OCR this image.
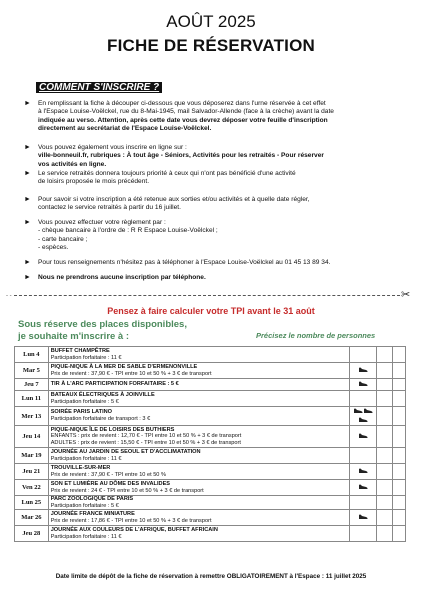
AOÛT 2025
FICHE DE RÉSERVATION
COMMENT S'INSCRIRE ?
► En remplissant la fiche à découper ci-dessous que vous déposerez dans l'urne réservée à cet effet
à l'Espace Louise-Voëlckel, rue du 8-Mai-1945, mail Salvador-Allende (face à la crèche) avant la date
indiquée au verso. Attention, après cette date vous devrez déposer votre feuille d'inscription
directement au secrétariat de l'Espace Louise-Voëlckel.
► Vous pouvez également vous inscrire en ligne sur :
ville-bonneuil.fr, rubriques : À tout âge - Séniors, Activités pour les retraités - Pour réserver
vos activités en ligne.
► Le service retraités donnera toujours priorité à ceux qui n'ont pas bénéficié d'une activité
de loisirs proposée le mois précédent.
► Pour savoir si votre inscription a été retenue aux sorties et/ou activités et à quelle date régler,
contactez le service retraités à partir du 16 juillet.
► Vous pouvez effectuer votre règlement par :
- chèque bancaire à l'ordre de : R R Espace Louise-Voëlckel ;
- carte bancaire ;
- espèces.
► Pour tous renseignements n'hésitez pas à téléphoner à l'Espace Louise-Voëlckel au 01 45 13 89 34.
► Nous ne prendrons aucune inscription par téléphone.
- -	✂
Pensez à faire calculer votre TPI avant le 31 août
Sous réserve des places disponibles,
je souhaite m'inscrire à :	Précisez le nombre de personnes
Lun 4	BUFFET CHAMPÊTRE
Participation forfaitaire : 11 €			

Mar 5	PIQUE-NIQUE À LA MER DE SABLE D'ERMENONVILLE
Prix de revient : 37,90 € - TPI entre 10 et 50 % + 3 € de transport

Jeu 7	TIR À L'ARC PARTICIPATION FORFAITAIRE : 5 €

Lun 11	BATEAUX ÉLECTRIQUES À JOINVILLE
Participation forfaitaire : 5 €			

Mer 13	SOIRÉE PARIS LATINO
Participation forfaitaire de transport : 3 €

Jeu 14	PIQUE-NIQUE ÎLE DE LOISIRS DES BUTHIERS
ENFANTS : prix de revient : 12,70 € - TPI entre 10 et 50 % + 3 € de transport
ADULTES : prix de revient : 15,50 € - TPI entre 10 et 50 % + 3 € de transport

Mar 19	JOURNÉE AU JARDIN DE SEOUL ET D'ACCLIMATATION
Participation forfaitaire : 11 €			

Jeu 21	TROUVILLE-SUR-MER
Prix de revient : 37,90 € - TPI entre 10 et 50 %

Ven 22	SON ET LUMIÈRE AU DÔME DES INVALIDES
Prix de revient : 24 € - TPI entre 10 et 50 % + 3 € de transport

Lun 25	PARC ZOOLOGIQUE DE PARIS
Participation forfaitaire : 5 €			

Mar 26	JOURNÉE FRANCE MINIATURE
Prix de revient : 17,86 € - TPI entre 10 et 50 % + 3 € de transport

Jeu 28	JOURNÉE AUX COULEURS DE L'AFRIQUE, BUFFET AFRICAIN
Participation forfaitaire : 11 €			

Date limite de dépôt de la fiche de réservation à remettre OBLIGATOIREMENT à l'Espace : 11 juillet 2025
